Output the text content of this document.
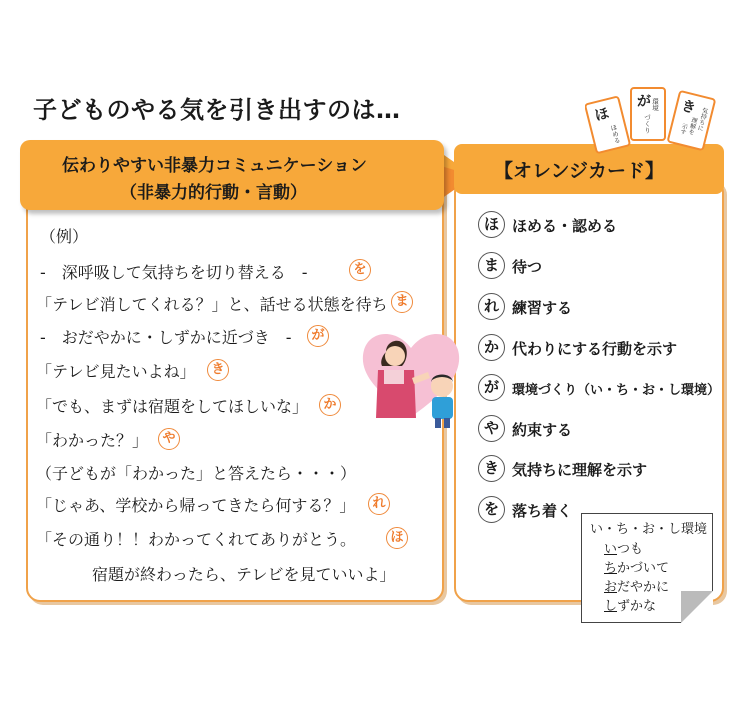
子どものやる気を引き出すのは…	ほ
ほめる
が 環境
づくり
き
気持ちに
理解を
示す
伝わりやすい非暴力コミュニケーション
（非暴力的行動・言動）
（例）
-　深呼吸して気持ちを切り替える　-	を
「テレビ消してくれる？」と、話せる状態を待ち ま
-　おだやかに・しずかに近づき　-	が
「テレビ見たいよね」	き
「でも、まずは宿題をしてほしいな」	か
「わかった？」	や
（子どもが「わかった」と答えたら・・・）
「じゃあ、学校から帰ってきたら何する？」	れ
「その通り！！わかってくれてありがとう。	ほ
宿題が終わったら、テレビを見ていいよ」
【オレンジカード】
ほ ほめる・認める
ま 待つ
れ 練習する
か 代わりにする行動を示す
が	環境づくり（い・ち・お・し環境）
や 約束する
き 気持ちに理解を示す
を 落ち着く
い・ち・お・し環境
いつも
ちかづいて
おだやかに
しずかな
